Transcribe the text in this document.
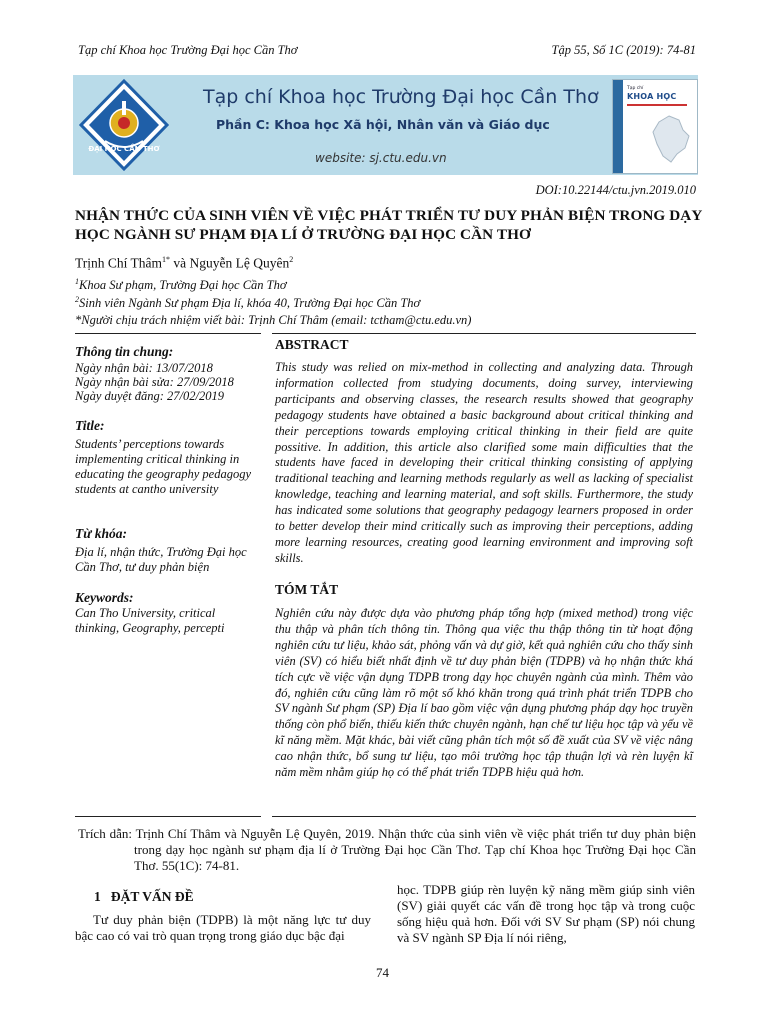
Tạp chí Khoa học Trường Đại học Cần Thơ	Tập 55, Số 1C (2019): 74-81
ĐẠI HỌC CẦN THƠ
Tạp chí Khoa học Trường Đại học Cần Thơ
Phần C: Khoa học Xã hội, Nhân văn và Giáo dục
website: sj.ctu.edu.vn
Tạp chí
KHOA HỌC
DOI:10.22144/ctu.jvn.2019.010
NHẬN THỨC CỦA SINH VIÊN VỀ VIỆC PHÁT TRIỂN TƯ DUY PHẢN BIỆN TRONG DẠY HỌC NGÀNH SƯ PHẠM ĐỊA LÍ Ở TRƯỜNG ĐẠI HỌC CẦN THƠ
Trịnh Chí Thâm$^{1*}$ và Nguyễn Lệ Quyên$^2$
$^1$Khoa Sư phạm, Trường Đại học Cần Thơ
$^2$Sinh viên Ngành Sư phạm Địa lí, khóa 40, Trường Đại học Cần Thơ
*Người chịu trách nhiệm viết bài: Trịnh Chí Thâm (email: tctham@ctu.edu.vn)
Thông tin chung:
Ngày nhận bài: 13/07/2018
Ngày nhận bài sửa: 27/09/2018
Ngày duyệt đăng: 27/02/2019
Title:
Students’ perceptions towards implementing critical thinking in educating the geography pedagogy students at cantho university
Từ khóa:
Địa lí, nhận thức, Trường Đại học Cần Thơ, tư duy phản biện
Keywords:
Can Tho University, critical thinking, Geography, percepti
ABSTRACT
This study was relied on mix-method in collecting and analyzing data. Through information collected from studying documents, doing survey, interviewing participants and observing classes, the research results showed that geography pedagogy students have obtained a basic background about critical thinking and their perceptions towards employing critical thinking in their field are quite possitive. In addition, this article also clarified some main difficulties that the students have faced in developing their critical thinking consisting of applying traditional teaching and learning methods regularly as well as lacking of specialist knowledge, teaching and learning material, and soft skills. Furthermore, the study has indicated some solutions that geography pedagogy learners proposed in order to better develop their mind critically such as improving their perceptions, adding more learning resources, creating good learning environment and improving soft skills.
TÓM TẮT
Nghiên cứu này được dựa vào phương pháp tổng hợp (mixed method) trong việc thu thập và phân tích thông tin. Thông qua việc thu thập thông tin từ hoạt động nghiên cứu tư liệu, khảo sát, phỏng vấn và dự giờ, kết quả nghiên cứu cho thấy sinh viên (SV) có hiểu biết nhất định về tư duy phản biện (TDPB) và họ nhận thức khá tích cực về việc vận dụng TDPB trong dạy học chuyên ngành của mình. Thêm vào đó, nghiên cứu cũng làm rõ một số khó khăn trong quá trình phát triển TDPB cho SV ngành Sư phạm (SP) Địa lí bao gồm việc vận dụng phương pháp dạy học truyền thống còn phổ biến, thiếu kiến thức chuyên ngành, hạn chế tư liệu học tập và yếu về kĩ năng mềm. Mặt khác, bài viết cũng phân tích một số đề xuất của SV về việc nâng cao nhận thức, bổ sung tư liệu, tạo môi trường học tập thuận lợi và rèn luyện kĩ năm mềm nhằm giúp họ có thể phát triển TDPB hiệu quả hơn.
Trích dẫn: Trịnh Chí Thâm và Nguyễn Lệ Quyên, 2019. Nhận thức của sinh viên về việc phát triển tư duy phản biện trong dạy học ngành sư phạm địa lí ở Trường Đại học Cần Thơ. Tạp chí Khoa học Trường Đại học Cần Thơ. 55(1C): 74-81.
1   ĐẶT VẤN ĐỀ
Tư duy phản biện (TDPB) là một năng lực tư duy bậc cao có vai trò quan trọng trong giáo dục bậc đại
học. TDPB giúp rèn luyện kỹ năng mềm giúp sinh viên (SV) giải quyết các vấn đề trong học tập và trong cuộc sống hiệu quả hơn. Đối với SV Sư phạm (SP) nói chung và SV ngành SP Địa lí nói riêng,
74
